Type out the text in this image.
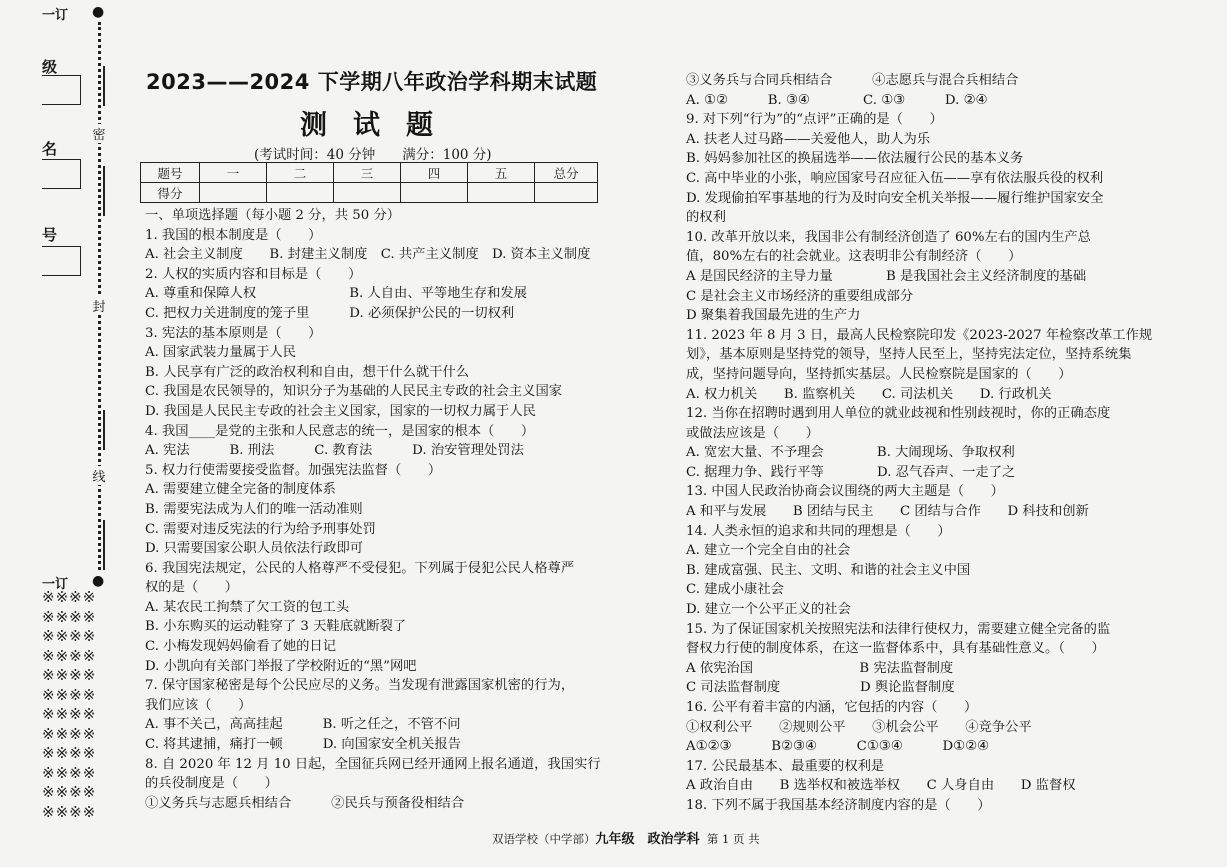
一订 ●
一订 ●
级
名
号
密
封
线
※※※※
※※※※
※※※※
※※※※
※※※※
※※※※
※※※※
※※※※
※※※※
※※※※
※※※※
※※※※
2023——2024 下学期八年政治学科期末试题
测试题
(考试时间：40 分钟　　满分：100 分)
题号	一	二	三	四	五	总分
得分						
一、单项选择题（每小题 2 分，共 50 分）
1. 我国的根本制度是（　　）
A. 社会主义制度　　B. 封建主义制度　C. 共产主义制度　D. 资本主义制度
2. 人权的实质内容和目标是（　　）
A. 尊重和保障人权　　　　　　　B. 人自由、平等地生存和发展
C. 把权力关进制度的笼子里　　　D. 必须保护公民的一切权利
3. 宪法的基本原则是（　　）
A. 国家武装力量属于人民
B. 人民享有广泛的政治权利和自由，想干什么就干什么
C. 我国是农民领导的，知识分子为基础的人民民主专政的社会主义国家
D. 我国是人民民主专政的社会主义国家，国家的一切权力属于人民
4. 我国____是党的主张和人民意志的统一，是国家的根本（　　）
A. 宪法　　　B. 刑法　　　C. 教育法　　　D. 治安管理处罚法
5. 权力行使需要接受监督。加强宪法监督（　　）
A. 需要建立健全完备的制度体系
B. 需要宪法成为人们的唯一活动准则
C. 需要对违反宪法的行为给予刑事处罚
D. 只需要国家公职人员依法行政即可
6. 我国宪法规定，公民的人格尊严不受侵犯。下列属于侵犯公民人格尊严
权的是（　　）
A. 某农民工拘禁了欠工资的包工头
B. 小东购买的运动鞋穿了 3 天鞋底就断裂了
C. 小梅发现妈妈偷看了她的日记
D. 小凯向有关部门举报了学校附近的“黑”网吧
7. 保守国家秘密是每个公民应尽的义务。当发现有泄露国家机密的行为，
我们应该（　　）
A. 事不关己，高高挂起　　　B. 听之任之，不管不问
C. 将其逮捕，痛打一顿　　　D. 向国家安全机关报告
8. 自 2020 年 12 月 10 日起，全国征兵网已经开通网上报名通道，我国实行
的兵役制度是（　　）
①义务兵与志愿兵相结合　　　②民兵与预备役相结合
③义务兵与合同兵相结合　　　④志愿兵与混合兵相结合
A. ①②　　　B. ③④　　　　C. ①③　　　D. ②④
9. 对下列“行为”的“点评”正确的是（　　）
A. 扶老人过马路——关爱他人，助人为乐
B. 妈妈参加社区的换届选举——依法履行公民的基本义务
C. 高中毕业的小张，响应国家号召应征入伍——享有依法服兵役的权利
D. 发现偷拍军事基地的行为及时向安全机关举报——履行维护国家安全
的权利
10. 改革开放以来，我国非公有制经济创造了 60%左右的国内生产总
值，80%左右的社会就业。这表明非公有制经济（　　）
A 是国民经济的主导力量　　　　B 是我国社会主义经济制度的基础
C 是社会主义市场经济的重要组成部分
D 聚集着我国最先进的生产力
11. 2023 年 8 月 3 日，最高人民检察院印发《2023-2027 年检察改革工作规
划》，基本原则是坚持党的领导，坚持人民至上，坚持宪法定位，坚持系统集
成，坚持问题导向，坚持抓实基层。人民检察院是国家的（　　）
A. 权力机关　　B. 监察机关　　C. 司法机关　　D. 行政机关
12. 当你在招聘时遇到用人单位的就业歧视和性别歧视时，你的正确态度
或做法应该是（　　）
A. 宽宏大量、不予理会　　　　B. 大闹现场、争取权利
C. 据理力争、践行平等　　　　D. 忍气吞声、一走了之
13. 中国人民政治协商会议围绕的两大主题是（　　）
A 和平与发展　　B 团结与民主　　C 团结与合作　　D 科技和创新
14. 人类永恒的追求和共同的理想是（　　）
A. 建立一个完全自由的社会
B. 建成富强、民主、文明、和谐的社会主义中国
C. 建成小康社会
D. 建立一个公平正义的社会
15. 为了保证国家机关按照宪法和法律行使权力，需要建立健全完备的监
督权力行使的制度体系，在这一监督体系中，具有基础性意义。（　　）
A 依宪治国　　　　　　　　B 宪法监督制度
C 司法监督制度　　　　　　D 舆论监督制度
16. 公平有着丰富的内涵，它包括的内容（　　）
①权利公平　　②规则公平　　③机会公平　　④竞争公平
A①②③　　　B②③④　　　C①③④　　　D①②④
17. 公民最基本、最重要的权利是
A 政治自由　　B 选举权和被选举权　　C 人身自由　　D 监督权
18. 下列不属于我国基本经济制度内容的是（　　）
双语学校（中学部）九年级　政治学科 第 1 页 共
